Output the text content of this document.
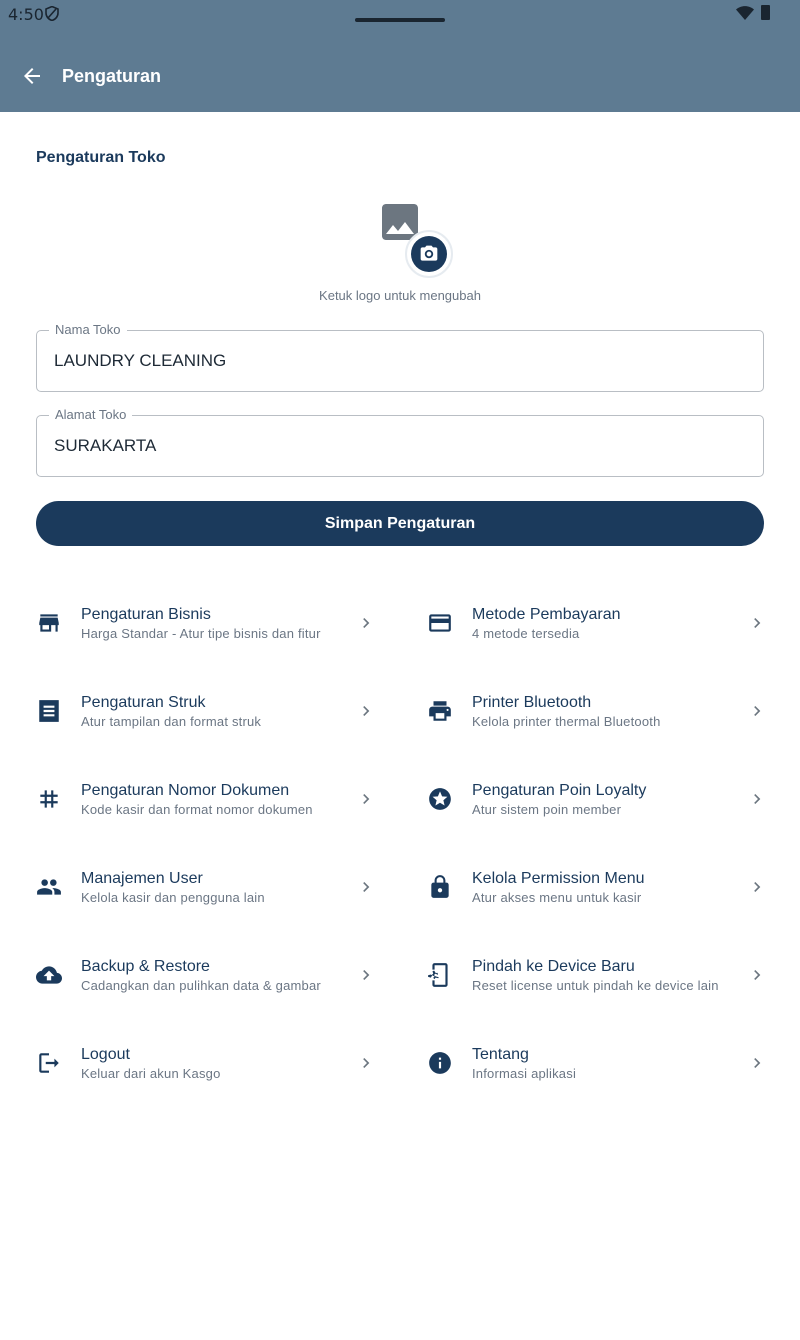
4:50
Pengaturan
Pengaturan Toko
Ketuk logo untuk mengubah
Nama Toko
LAUNDRY CLEANING
Alamat Toko
SURAKARTA
Simpan Pengaturan
Pengaturan Bisnis
Harga Standar - Atur tipe bisnis dan fitur
Pengaturan Struk
Atur tampilan dan format struk
Pengaturan Nomor Dokumen
Kode kasir dan format nomor dokumen
Manajemen User
Kelola kasir dan pengguna lain
Backup & Restore
Cadangkan dan pulihkan data & gambar
Logout
Keluar dari akun Kasgo
Metode Pembayaran
4 metode tersedia
Printer Bluetooth
Kelola printer thermal Bluetooth
Pengaturan Poin Loyalty
Atur sistem poin member
Kelola Permission Menu
Atur akses menu untuk kasir
Pindah ke Device Baru
Reset license untuk pindah ke device lain
Tentang
Informasi aplikasi
